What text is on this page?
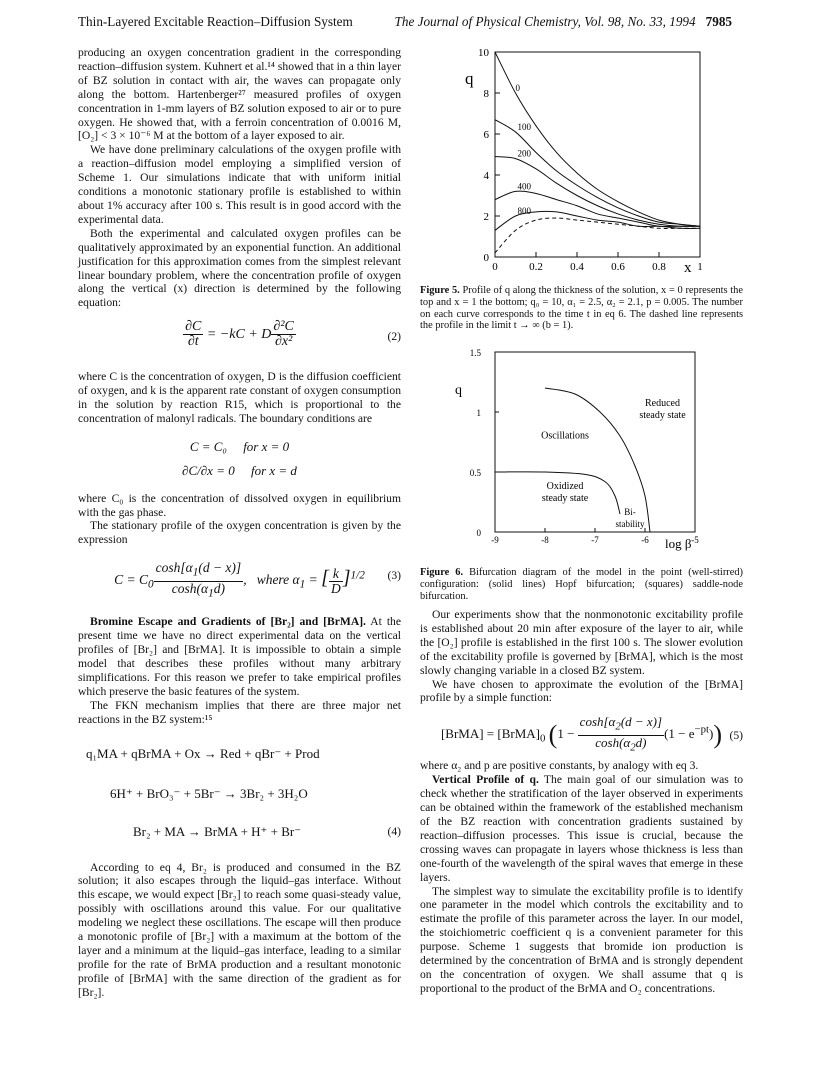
Thin-Layered Excitable Reaction–Diffusion System	The Journal of Physical Chemistry, Vol. 98, No. 33, 1994 7985

producing an oxygen concentration gradient in the corresponding reaction–diffusion system. Kuhnert et al.¹⁴ showed that in a thin layer of BZ solution in contact with air, the waves can propagate only along the bottom. Hartenberger²⁷ measured profiles of oxygen concentration in 1-mm layers of BZ solution exposed to air or to pure oxygen. He showed that, with a ferroin concentration of 0.0016 M, [O₂] < 3 × 10⁻⁶ M at the bottom of a layer exposed to air.

We have done preliminary calculations of the oxygen profile with a reaction–diffusion model employing a simplified version of Scheme 1. Our simulations indicate that with uniform initial conditions a monotonic stationary profile is established to within about 1% accuracy after 100 s. This result is in good accord with the experimental data.

Both the experimental and calculated oxygen profiles can be qualitatively approximated by an exponential function. An additional justification for this approximation comes from the simplest relevant linear boundary problem, where the concentration profile of oxygen along the vertical (x) direction is determined by the following equation:

$\frac{\partial C}{\partial t} = -kC + D \frac{\text{∂²C}}{\text{∂x²}}$	(2)

where C is the concentration of oxygen, D is the diffusion coefficient of oxygen, and k is the apparent rate constant of oxygen consumption in the solution by reaction R15, which is proportional to the concentration of malonyl radicals. The boundary conditions are

C = C₀     for x = 0
∂C/∂x = 0     for x = d

where C₀ is the concentration of dissolved oxygen in equilibrium with the gas phase.

The stationary profile of the oxygen concentration is given by the expression

$C = C_0 \frac{\cosh[\alpha_1(d - x)]}{\cosh(\alpha_1d)}$ ,   where $\alpha_1$ = [ $\frac{k}{D} ]^{1/2}$ (3)

Bromine Escape and Gradients of [Br₂] and [BrMA]. At the present time we have no direct experimental data on the vertical profiles of [Br₂] and [BrMA]. It is impossible to obtain a simple model that describes these profiles without many arbitrary simplifications. For this reason we prefer to take empirical profiles which preserve the basic features of the system.

The FKN mechanism implies that there are three major net reactions in the BZ system:¹⁵

q₁MA + qBrMA + Ox → Red + qBr⁻ + Prod
6H⁺ + BrO₃⁻ + 5Br⁻ → 3Br₂ + 3H₂O
Br₂ + MA → BrMA + H⁺ + Br⁻	(4)

According to eq 4, Br₂ is produced and consumed in the BZ solution; it also escapes through the liquid–gas interface. Without this escape, we would expect [Br₂] to reach some quasi-steady value, possibly with oscillations around this value. For our qualitative modeling we neglect these oscillations. The escape will then produce a monotonic profile of [Br₂] with a maximum at the bottom of the layer and a minimum at the liquid–gas interface, leading to a similar profile for the rate of BrMA production and a resultant monotonic profile of [BrMA] with the same direction of the gradient as for [Br₂].

0	0.2 0.4 0.6 0.8	1
0
2
4
6
8
10
q
x
0
100
200
400
800
Figure 5. Profile of q along the thickness of the solution, x = 0 represents the top and x = 1 the bottom; q₀ = 10, α₁ = 2.5, α₂ = 2.1, p = 0.005. The number on each curve corresponds to the time t in eq 6. The dashed line represents the profile in the limit t → ∞ (b = 1).
-9	-8	-7	-6	-5
0
0.5
1
1.5
q
log β
Reduced
steady state
Oscillations
Oxidized
steady state
Bi-
stability
Figure 6. Bifurcation diagram of the model in the point (well-stirred) configuration: (solid lines) Hopf bifurcation; (squares) saddle-node bifurcation.

Our experiments show that the nonmonotonic excitability profile is established about 20 min after exposure of the layer to air, while the [O₂] profile is established in the first 100 s. The slower evolution of the excitability profile is governed by [BrMA], which is the most slowly changing variable in a closed BZ system.

We have chosen to approximate the evolution of the [BrMA] profile by a simple function:

[BrMA] = $[BrMA]_0$ $(1 - \frac{\cosh[\alpha_2(d - x)]}{\cosh(\alpha_2d)} (1 - e^{-pt}))$ (5)

where α₂ and p are positive constants, by analogy with eq 3.

Vertical Profile of q. The main goal of our simulation was to check whether the stratification of the layer observed in experiments can be obtained within the framework of the established mechanism of the BZ reaction with concentration gradients sustained by reaction–diffusion processes. This issue is crucial, because the crossing waves can propagate in layers whose thickness is less than one-fourth of the wavelength of the spiral waves that emerge in these layers.

The simplest way to simulate the excitability profile is to identify one parameter in the model which controls the excitability and to estimate the profile of this parameter across the layer. In our model, the stoichiometric coefficient q is a convenient parameter for this purpose. Scheme 1 suggests that bromide ion production is determined by the concentration of BrMA and is strongly dependent on the concentration of oxygen. We shall assume that q is proportional to the product of the BrMA and O₂ concentrations.
